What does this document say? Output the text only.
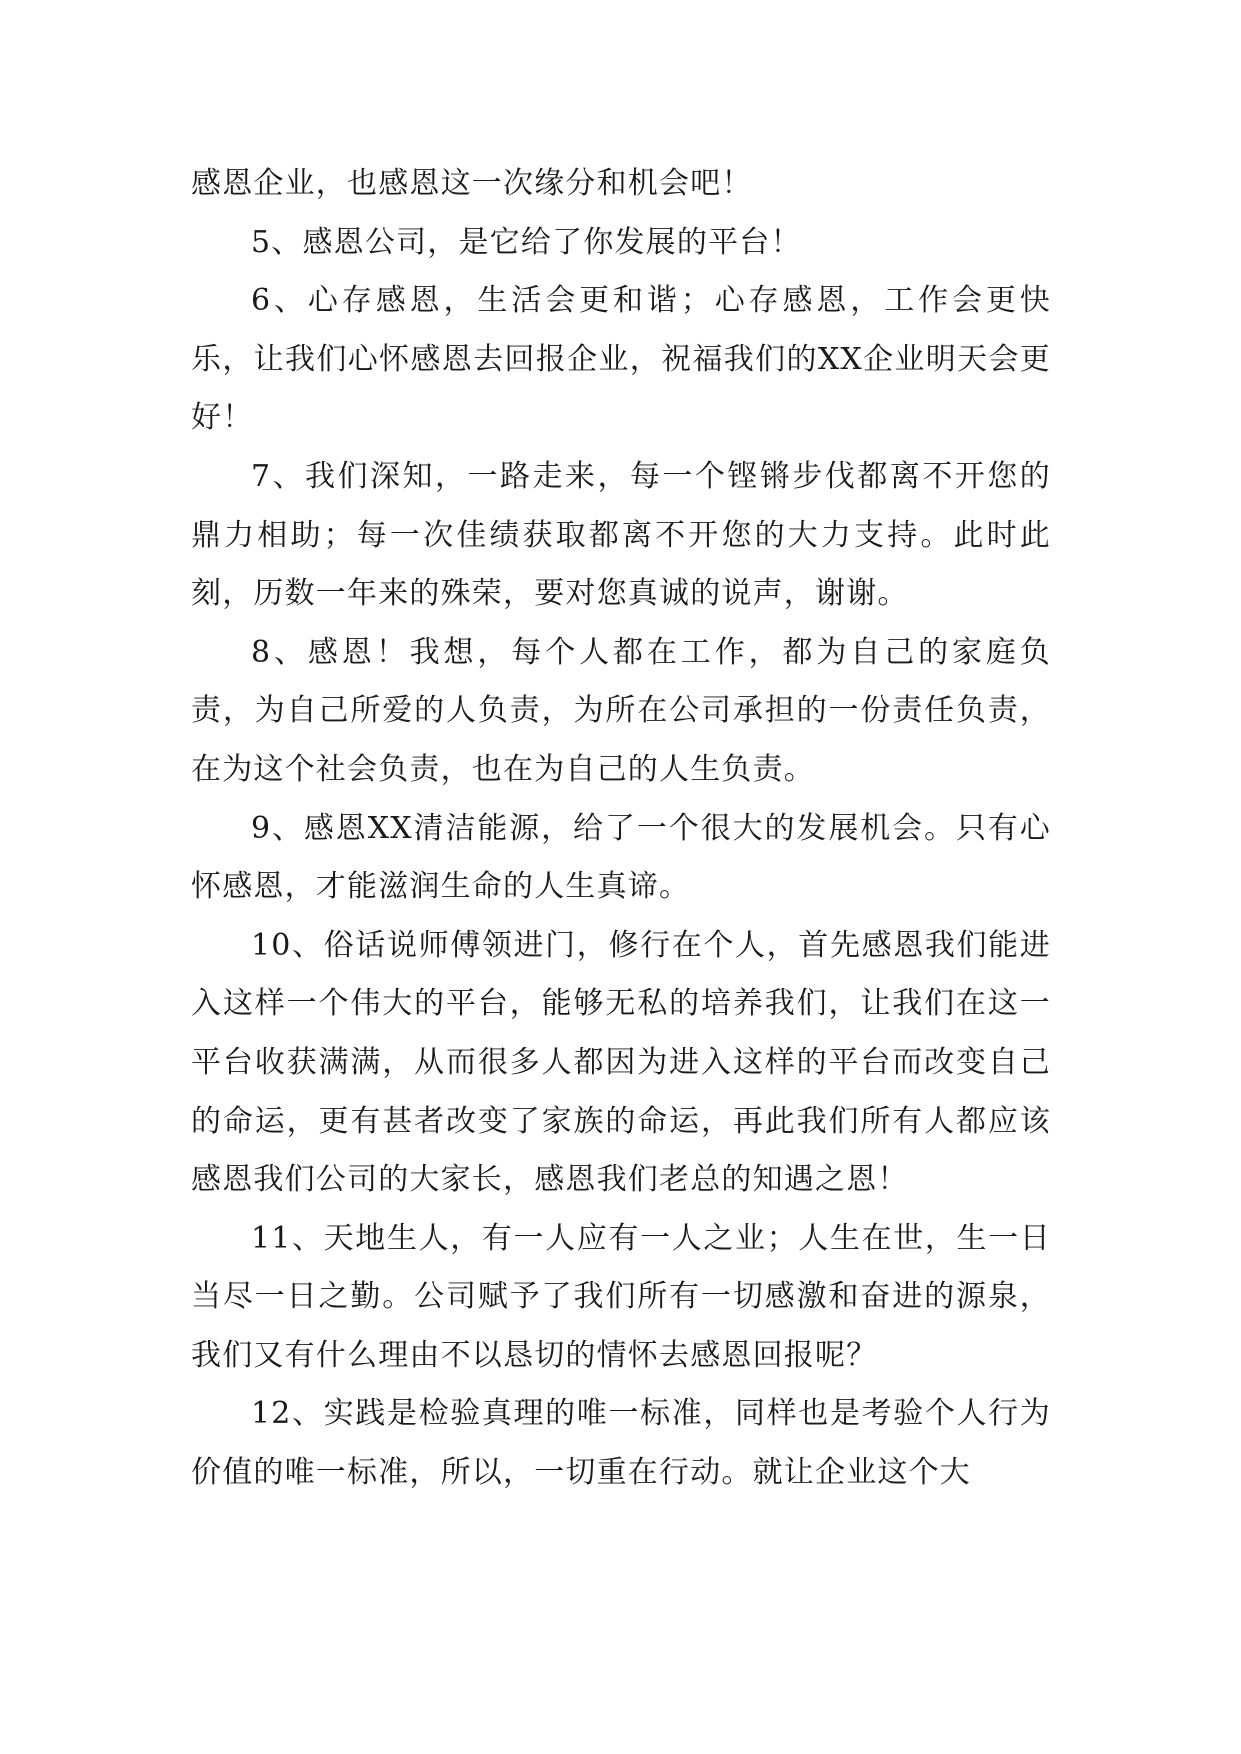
感恩企业，也感恩这一次缘分和机会吧！

5、感恩公司，是它给了你发展的平台！

6、心存感恩，生活会更和谐；心存感恩，工作会更快乐，让我们心怀感恩去回报企业，祝福我们的XX企业明天会更好！

7、我们深知，一路走来，每一个铿锵步伐都离不开您的鼎力相助；每一次佳绩获取都离不开您的大力支持。此时此刻，历数一年来的殊荣，要对您真诚的说声，谢谢。

8、感恩！我想，每个人都在工作，都为自己的家庭负责，为自己所爱的人负责，为所在公司承担的一份责任负责，在为这个社会负责，也在为自己的人生负责。

9、感恩XX清洁能源，给了一个很大的发展机会。只有心怀感恩，才能滋润生命的人生真谛。

10、俗话说师傅领进门，修行在个人，首先感恩我们能进入这样一个伟大的平台，能够无私的培养我们，让我们在这一平台收获满满，从而很多人都因为进入这样的平台而改变自己的命运，更有甚者改变了家族的命运，再此我们所有人都应该感恩我们公司的大家长，感恩我们老总的知遇之恩！

11、天地生人，有一人应有一人之业；人生在世，生一日当尽一日之勤。公司赋予了我们所有一切感激和奋进的源泉，我们又有什么理由不以恳切的情怀去感恩回报呢？

12、实践是检验真理的唯一标准，同样也是考验个人行为价值的唯一标准，所以，一切重在行动。就让企业这个大
